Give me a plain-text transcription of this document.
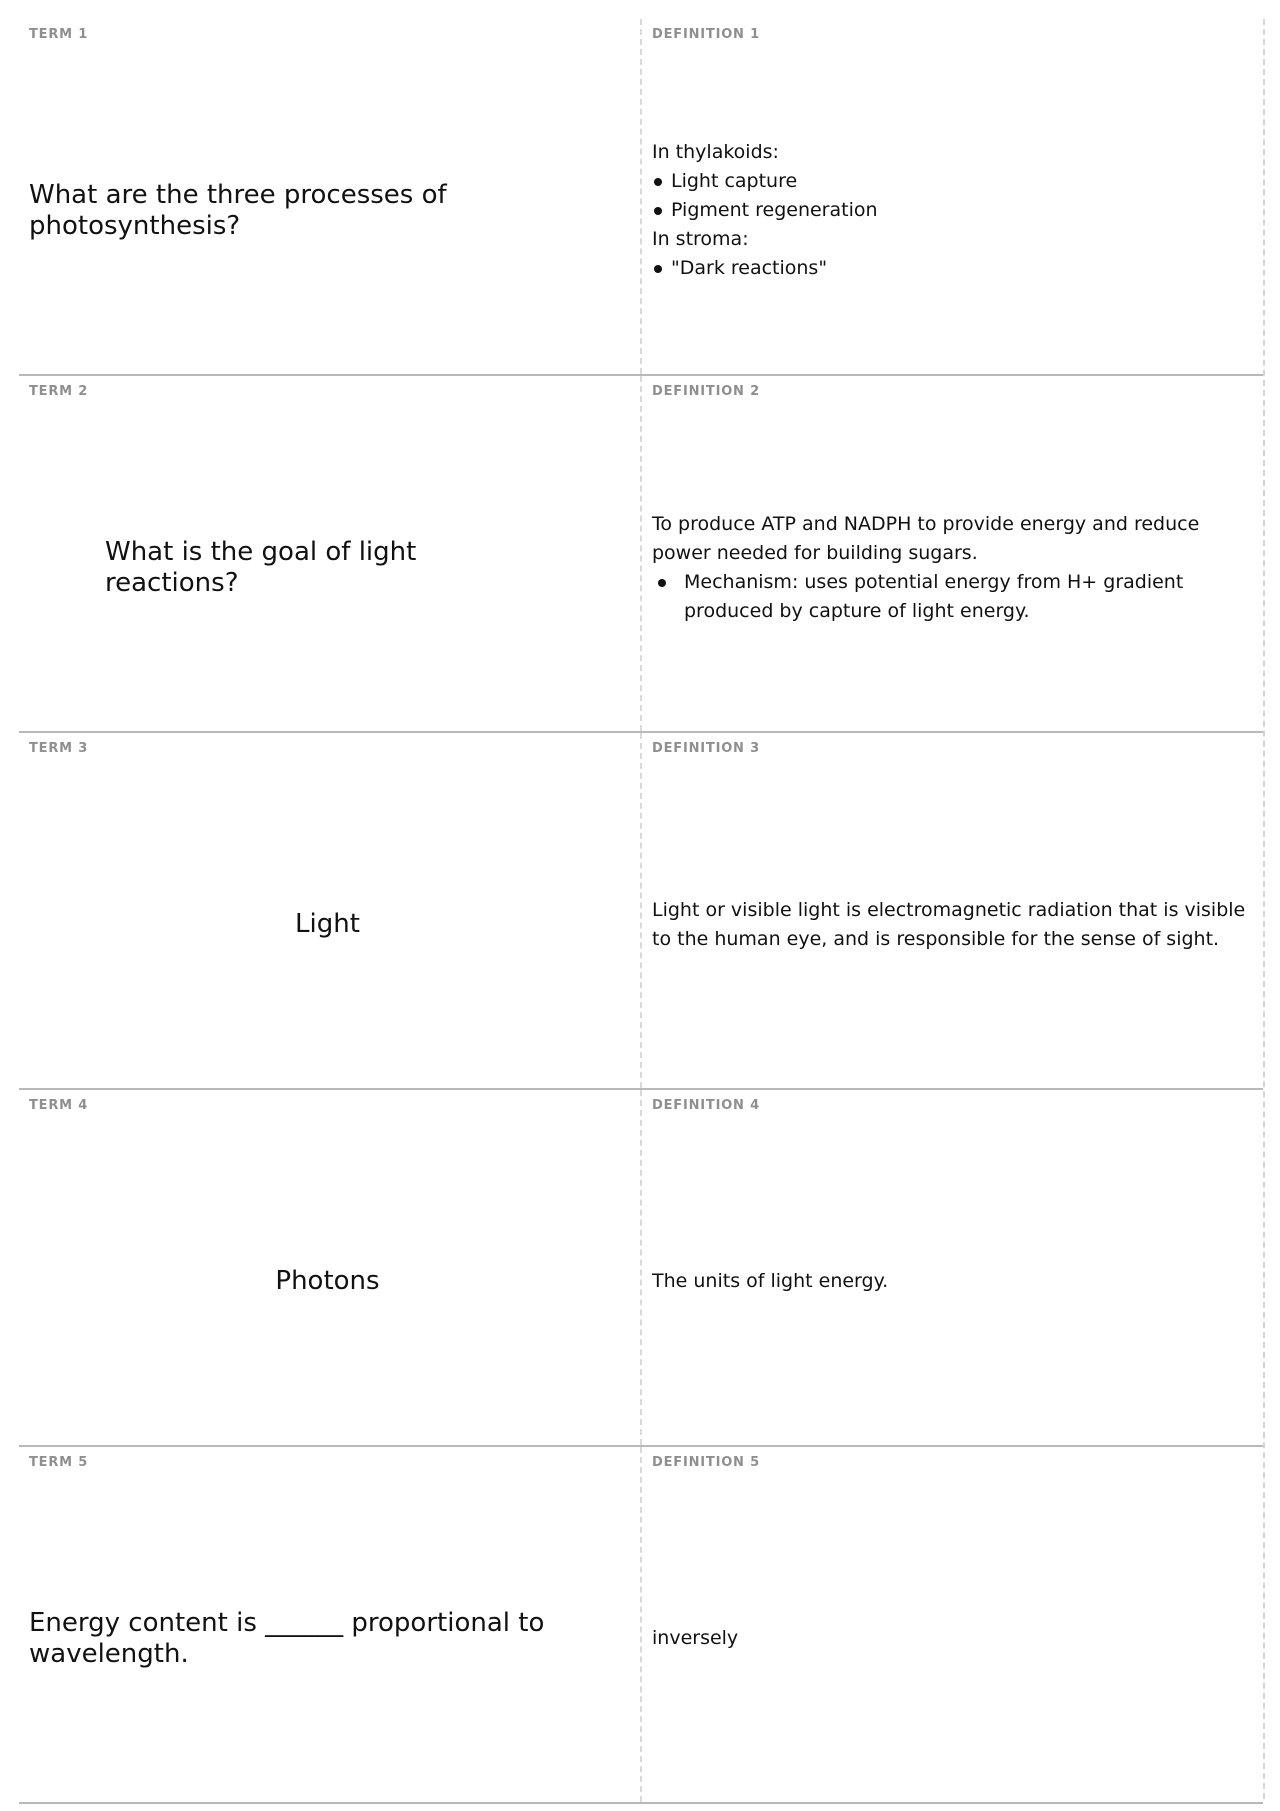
TERM 1
What are the three processes of photosynthesis?
DEFINITION 1

In thylakoids:

Light capture
Pigment regeneration

In stroma:

"Dark reactions"
TERM 2
What is the goal of light reactions?
DEFINITION 2

To produce ATP and NADPH to provide energy and reduce power needed for building sugars.

Mechanism: uses potential energy from H+ gradient produced by capture of light energy.
TERM 3
Light
DEFINITION 3
Light or visible light is electromagnetic radiation that is visible to the human eye, and is responsible for the sense of sight.
TERM 4
Photons
DEFINITION 4
The units of light energy.
TERM 5
Energy content is ______ proportional to wavelength.
DEFINITION 5
inversely
